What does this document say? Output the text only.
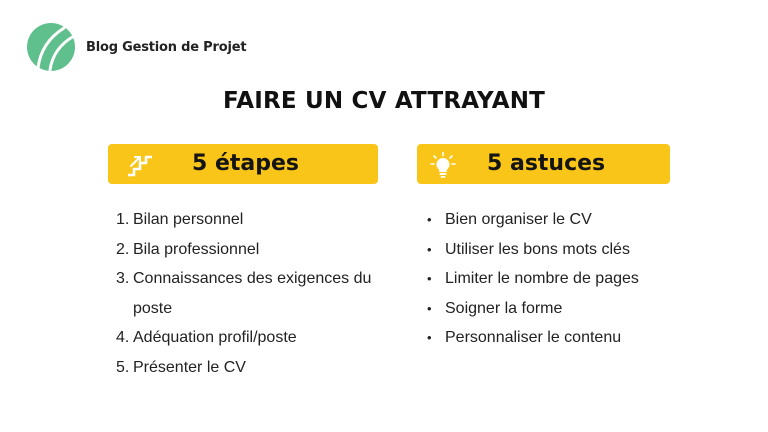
Blog Gestion de Projet
FAIRE UN CV ATTRAYANT
5 étapes	5 astuces
1. Bilan personnel
2. Bila professionnel
3. Connaissances des exigences du poste
4. Adéquation profil/poste
5. Présenter le CV
• Bien organiser le CV
• Utiliser les bons mots clés
• Limiter le nombre de pages
• Soigner la forme
• Personnaliser le contenu
